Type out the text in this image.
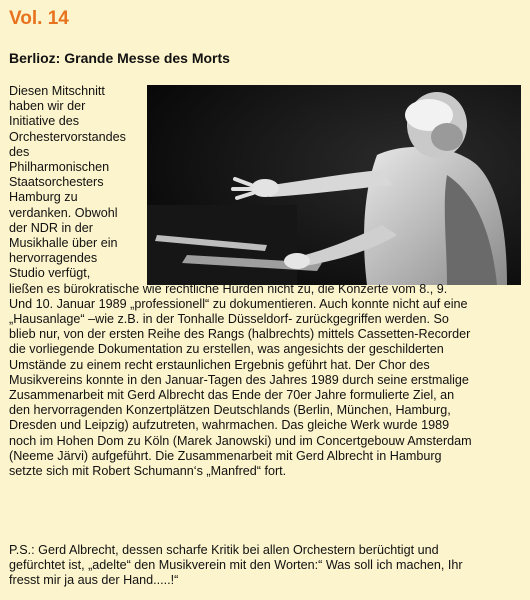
Vol. 14
Berlioz: Grande Messe des Morts
Diesen Mitschnitt
haben wir der
Initiative des
Orchestervorstandes
des
Philharmonischen
Staatsorchesters
Hamburg zu
verdanken. Obwohl
der NDR in der
Musikhalle über ein
hervorragendes
Studio verfügt,
ließen es bürokratische wie rechtliche Hürden nicht zu, die Konzerte vom 8., 9.
Und 10. Januar 1989 „professionell“ zu dokumentieren. Auch konnte nicht auf eine
„Hausanlage“ –wie z.B. in der Tonhalle Düsseldorf- zurückgegriffen werden. So
blieb nur, von der ersten Reihe des Rangs (halbrechts) mittels Cassetten-Recorder
die vorliegende Dokumentation zu erstellen, was angesichts der geschilderten
Umstände zu einem recht erstaunlichen Ergebnis geführt hat. Der Chor des
Musikvereins konnte in den Januar-Tagen des Jahres 1989 durch seine erstmalige
Zusammenarbeit mit Gerd Albrecht das Ende der 70er Jahre formulierte Ziel, an
den hervorragenden Konzertplätzen Deutschlands (Berlin, München, Hamburg,
Dresden und Leipzig) aufzutreten, wahrmachen. Das gleiche Werk wurde 1989
noch im Hohen Dom zu Köln (Marek Janowski) und im Concertgebouw Amsterdam
(Neeme Järvi) aufgeführt. Die Zusammenarbeit mit Gerd Albrecht in Hamburg
setzte sich mit Robert Schumann‘s „Manfred“ fort.

P.S.: Gerd Albrecht, dessen scharfe Kritik bei allen Orchestern berüchtigt und
gefürchtet ist, „adelte“ den Musikverein mit den Worten:“ Was soll ich machen, Ihr
fresst mir ja aus der Hand.....!“
